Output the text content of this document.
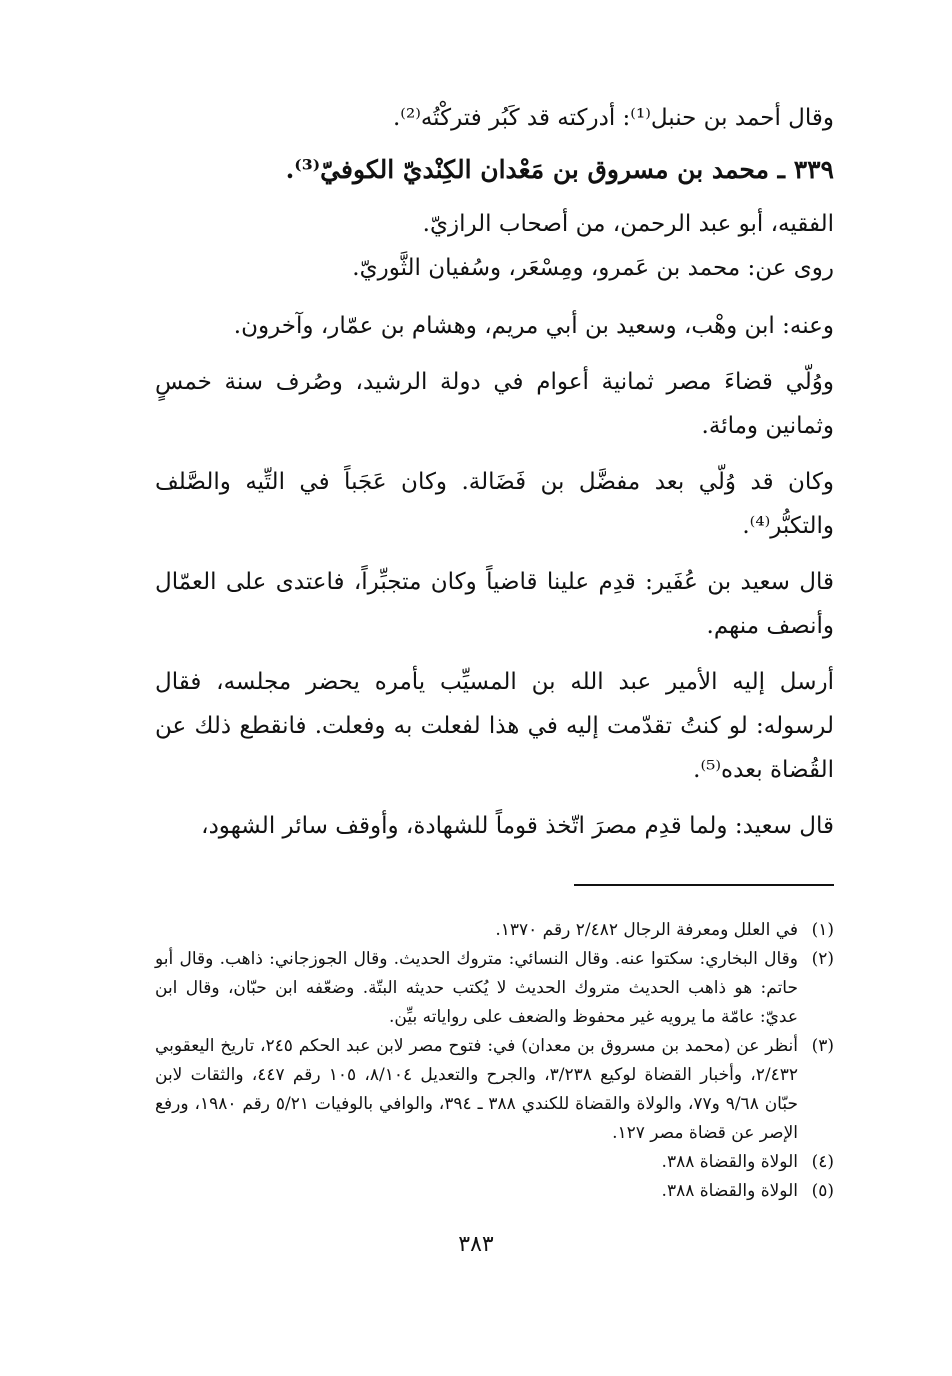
وقال أحمد بن حنبل⁽¹⁾: أدركته قد كَبُر فتركْتُه⁽²⁾.

٣٣٩ ـ محمد بن مسروق بن مَعْدان الكِنْديّ الكوفيّ⁽³⁾.

الفقيه، أبو عبد الرحمن، من أصحاب الرازيّ.

روى عن: محمد بن عَمرو، ومِسْعَر، وسُفيان الثَّوريّ.

وعنه: ابن وهْب، وسعيد بن أبي مريم، وهشام بن عمّار، وآخرون.

ووُلّي قضاءَ مصر ثمانية أعوام في دولة الرشيد، وصُرف سنة خمسٍ وثمانين ومائة.

وكان قد وُلّي بعد مفضَّل بن فَضَالة. وكان عَجَباً في التِّيه والصَّلف والتكبُّر⁽⁴⁾.

قال سعيد بن عُفَير: قدِم علينا قاضياً وكان متجبِّراً، فاعتدى على العمّال وأنصف منهم.

أرسل إليه الأمير عبد الله بن المسيِّب يأمره يحضر مجلسه، فقال لرسوله: لو كنتُ تقدّمت إليه في هذا لفعلت به وفعلت. فانقطع ذلك عن القُضاة بعده⁽⁵⁾.

قال سعيد: ولما قدِم مصرَ اتّخذ قوماً للشهادة، وأوقف سائر الشهود،

(١)
في العلل ومعرفة الرجال ٢/٤٨٢ رقم ١٣٧٠.
(٢)
وقال البخاري: سكتوا عنه. وقال النسائي: متروك الحديث. وقال الجوزجاني: ذاهب. وقال أبو حاتم: هو ذاهب الحديث متروك الحديث لا يُكتب حديثه البتّة. وضعّفه ابن حبّان، وقال ابن عديّ: عامّة ما يرويه غير محفوظ والضعف على رواياته بيِّن.
(٣)
أنظر عن (محمد بن مسروق بن معدان) في: فتوح مصر لابن عبد الحكم ٢٤٥، تاريخ اليعقوبي ٢/٤٣٢، وأخبار القضاة لوكيع ٣/٢٣٨، والجرح والتعديل ٨/١٠٤، ١٠٥ رقم ٤٤٧، والثقات لابن حبّان ٩/٦٨ و٧٧، والولاة والقضاة للكندي ٣٨٨ ـ ٣٩٤، والوافي بالوفيات ٥/٢١ رقم ١٩٨٠، ورفع الإصر عن قضاة مصر ١٢٧.
(٤)
الولاة والقضاة ٣٨٨.
(٥)
الولاة والقضاة ٣٨٨.
٣٨٣
